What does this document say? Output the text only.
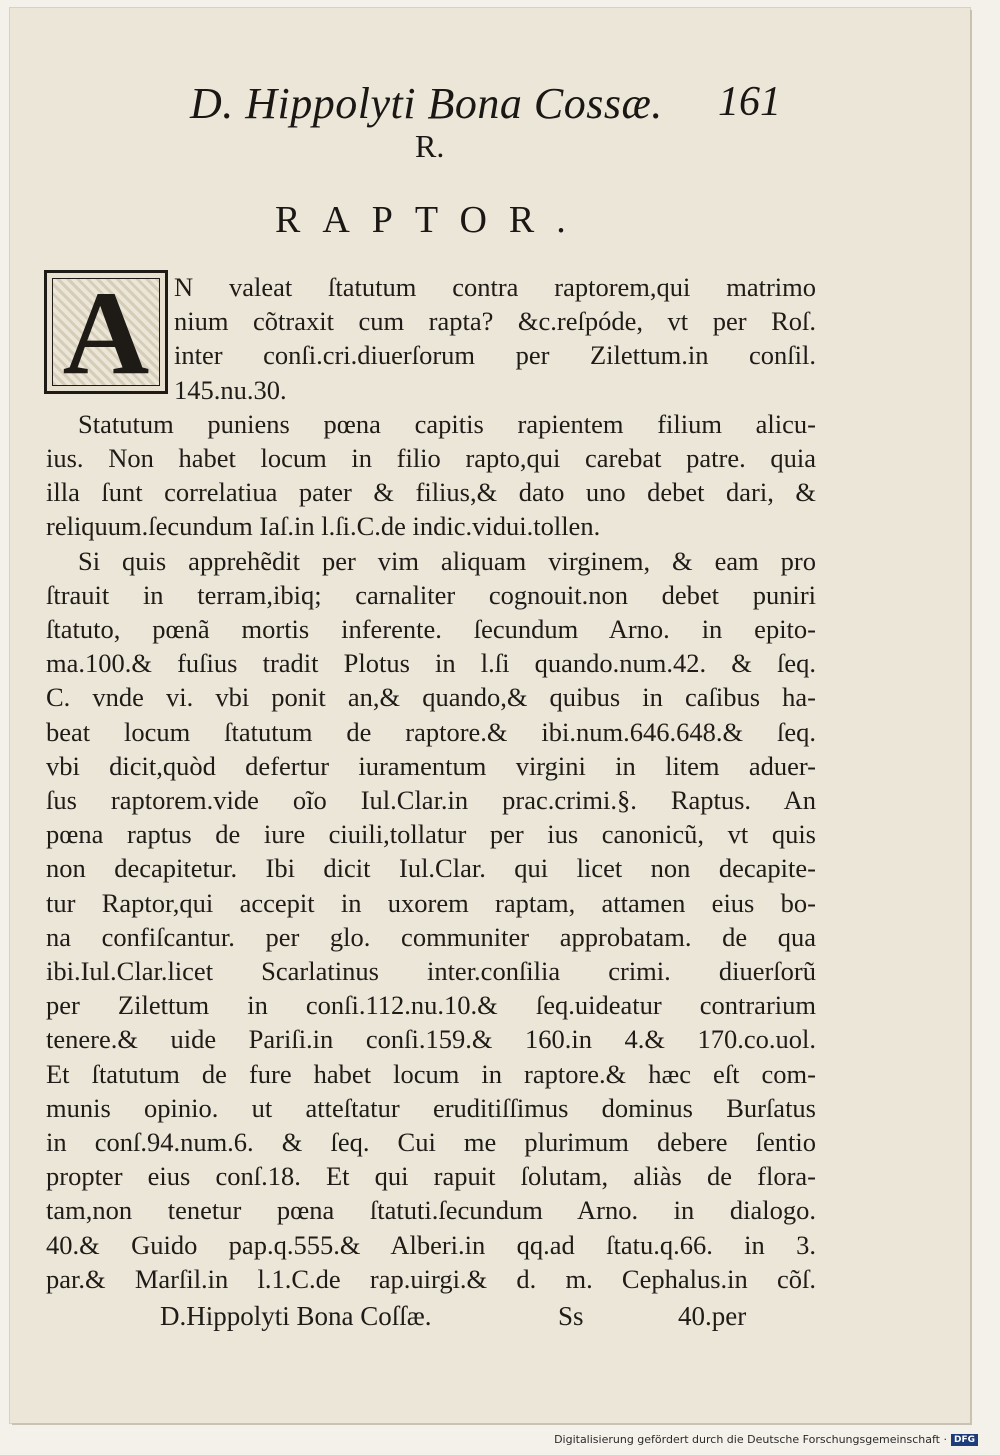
D. Hippolyti Bona Cossæ. 161
R.
RAPTOR.
A N valeat ſtatutum contra raptorem,qui matrimo
nium cõtraxit cum rapta? &c.reſpóde, vt per Roſ.
inter conſi.cri.diuerſorum per Zilettum.in conſil.
145.nu.30.
Statutum puniens pœna capitis rapientem filium alicu-
ius. Non habet locum in filio rapto,qui carebat patre. quia
illa ſunt correlatiua pater & filius,& dato uno debet dari, &
reliquum.ſecundum Iaſ.in l.ſi.C.de indic.vidui.tollen.
Si quis apprehẽdit per vim aliquam virginem, & eam pro
ſtrauit in terram,ibiq; carnaliter cognouit.non debet puniri
ſtatuto, pœnã mortis inferente. ſecundum Arno. in epito-
ma.100.& fuſius tradit Plotus in l.ſi quando.num.42. & ſeq.
C. vnde vi. vbi ponit an,& quando,& quibus in caſibus ha-
beat locum ſtatutum de raptore.& ibi.num.646.648.& ſeq.
vbi dicit,quòd defertur iuramentum virgini in litem aduer-
ſus raptorem.vide oĩo Iul.Clar.in prac.crimi.§. Raptus. An
pœna raptus de iure ciuili,tollatur per ius canonicũ, vt quis
non decapitetur. Ibi dicit Iul.Clar. qui licet non decapite-
tur Raptor,qui accepit in uxorem raptam, attamen eius bo-
na confiſcantur. per glo. communiter approbatam. de qua
ibi.Iul.Clar.licet Scarlatinus inter.conſilia crimi. diuerſorũ
per Zilettum in conſi.112.nu.10.& ſeq.uideatur contrarium
tenere.& uide Pariſi.in conſi.159.& 160.in 4.& 170.co.uol.
Et ſtatutum de fure habet locum in raptore.& hæc eſt com-
munis opinio. ut atteſtatur eruditiſſimus dominus Burſatus
in conſ.94.num.6. & ſeq. Cui me plurimum debere ſentio
propter eius conſ.18. Et qui rapuit ſolutam, aliàs de flora-
tam,non tenetur pœna ſtatuti.ſecundum Arno. in dialogo.
40.& Guido pap.q.555.& Alberi.in qq.ad ſtatu.q.66. in 3.
par.& Marſil.in l.1.C.de rap.uirgi.& d. m. Cephalus.in cõſ.
D.Hippolyti Bona Coſſæ.	Ss	40.per
Digitalisierung gefördert durch die Deutsche Forschungsgemeinschaft · DFG
